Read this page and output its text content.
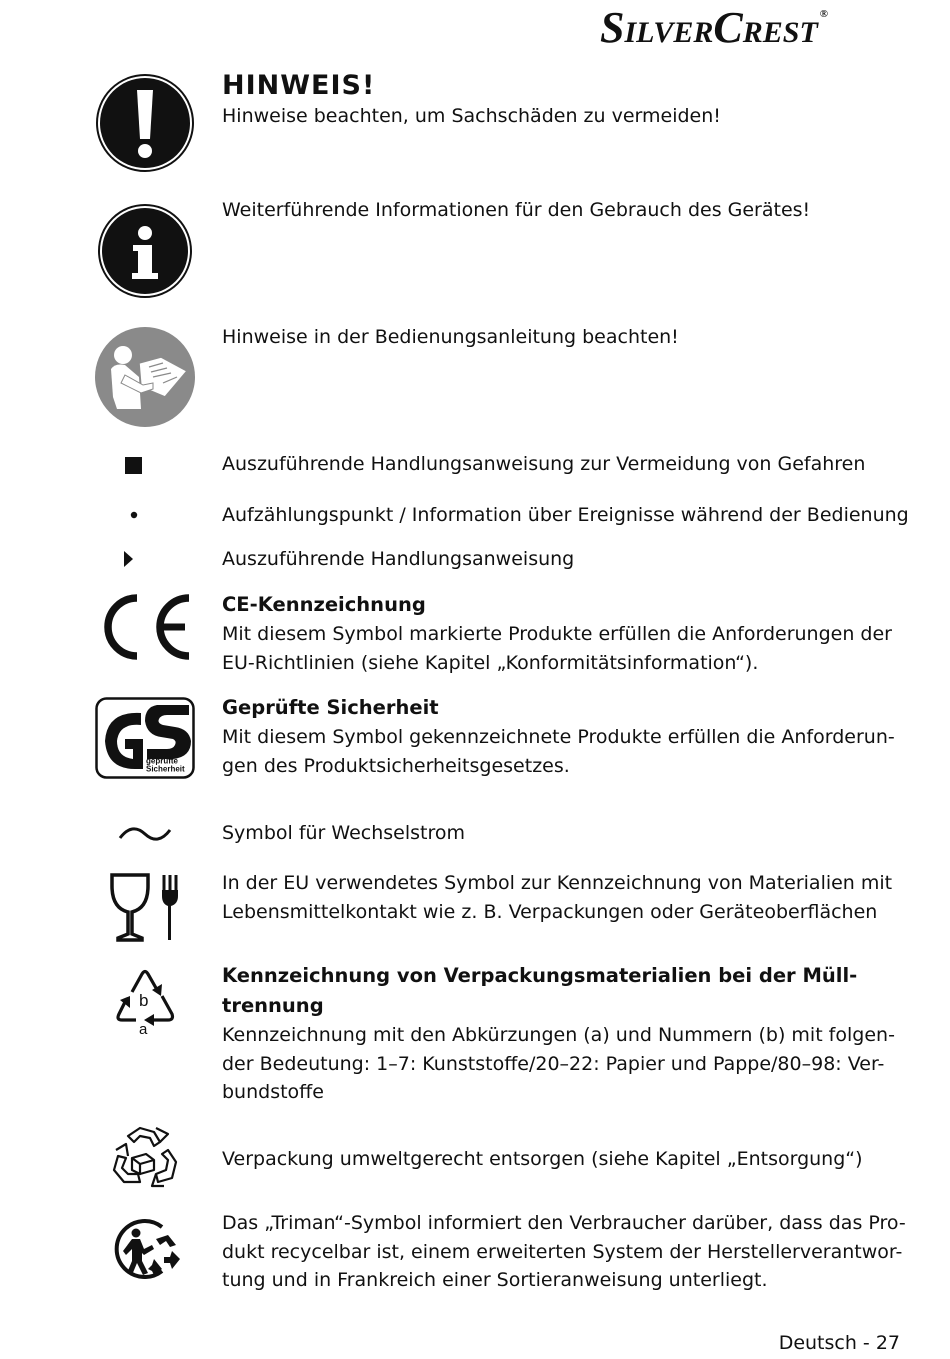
SILVERCREST®
HINWEIS!
Hinweise beachten, um Sachschäden zu vermeiden!
Weiterführende Informationen für den Gebrauch des Gerätes!
Hinweise in der Bedienungsanleitung beachten!
Auszuführende Handlungsanweisung zur Vermeidung von Gefahren
Aufzählungspunkt / Information über Ereignisse während der Bedienung
Auszuführende Handlungsanweisung
CE-Kennzeichnung
Mit diesem Symbol markierte Produkte erfüllen die Anforderungen der
EU-Richtlinien (siehe Kapitel „Konformitätsinformation“).
geprüfte
Sicherheit
Geprüfte Sicherheit
Mit diesem Symbol gekennzeichnete Produkte erfüllen die Anforderun-
gen des Produktsicherheitsgesetzes.
Symbol für Wechselstrom
In der EU verwendetes Symbol zur Kennzeichnung von Materialien mit
Lebensmittelkontakt wie z. B. Verpackungen oder Geräteoberflächen
b
a
Kennzeichnung von Verpackungsmaterialien bei der Müll-
trennung
Kennzeichnung mit den Abkürzungen (a) und Nummern (b) mit folgen-
der Bedeutung: 1–7: Kunststoffe/20–22: Papier und Pappe/80–98: Ver-
bundstoffe
Verpackung umweltgerecht entsorgen (siehe Kapitel „Entsorgung“)
Das „Triman“-Symbol informiert den Verbraucher darüber, dass das Pro-
dukt recycelbar ist, einem erweiterten System der Herstellerverantwor-
tung und in Frankreich einer Sortieranweisung unterliegt.
Deutsch - 27
